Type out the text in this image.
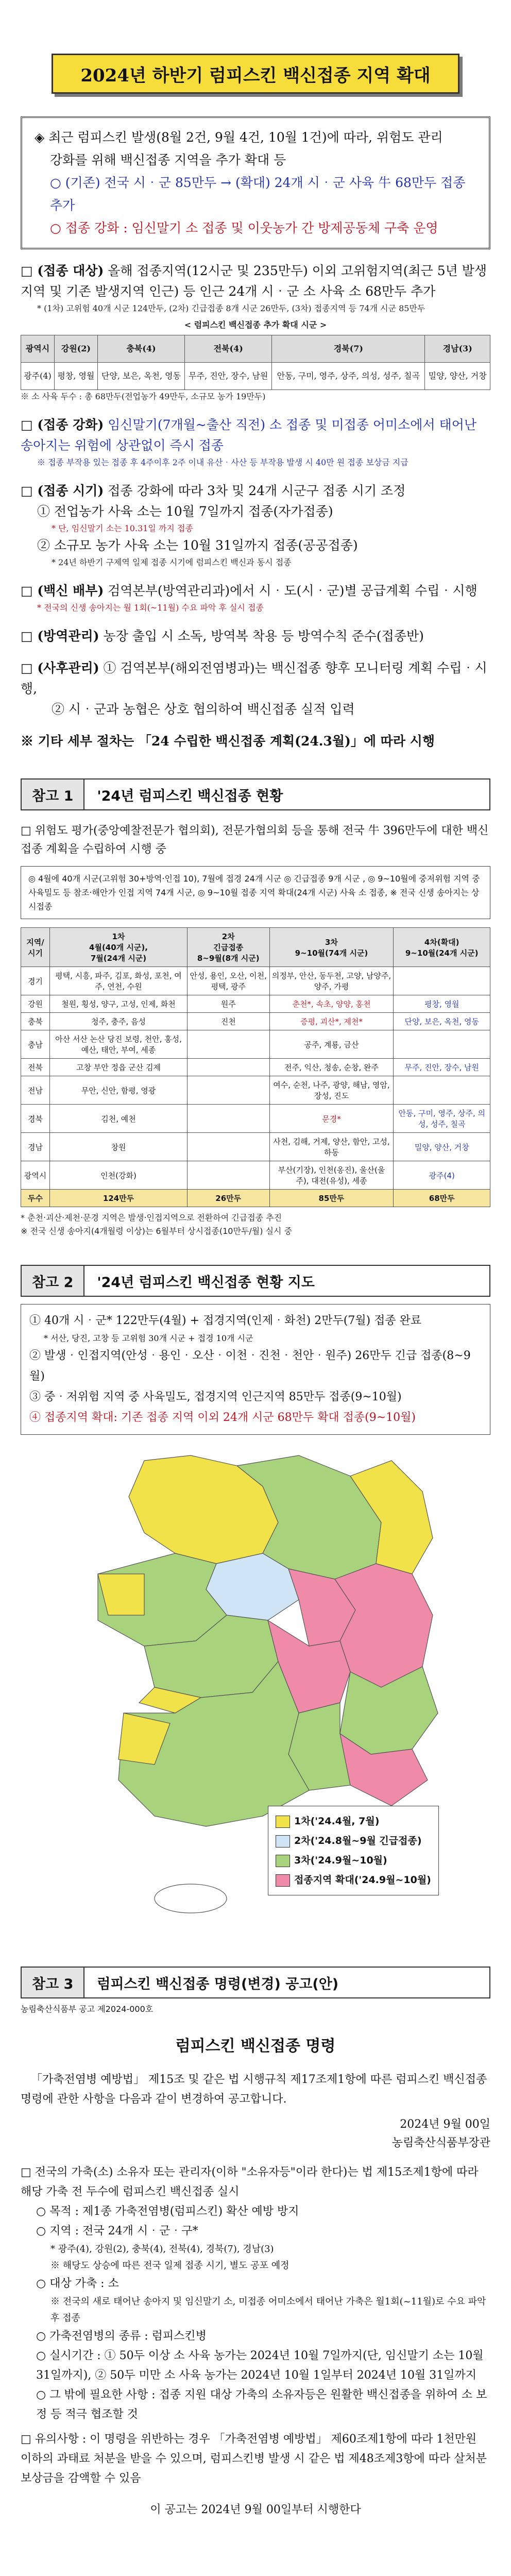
2024년 하반기 럼피스킨 백신접종 지역 확대
◈ 최근 럼피스킨 발생(8월 2건, 9월 4건, 10월 1건)에 따라, 위험도 관리
강화를 위해 백신접종 지역을 추가 확대 등
○ (기존) 전국 시‧군 85만두 → (확대) 24개 시‧군 사육 牛 68만두 접종 추가
○ 접종 강화 : 임신말기 소 접종 및 이웃농가 간 방제공동체 구축 운영
□ (접종 대상) 올해 접종지역(12시군 및 235만두) 이외 고위험지역(최근 5년 발생지역 및 기존 발생지역 인근) 등 인근 24개 시‧군 소 사육 소 68만두 추가
* (1차) 고위험 40개 시군 124만두, (2차) 긴급접종 8개 시군 26만두, (3차) 접종지역 등 74개 시군 85만두
< 럼피스킨 백신접종 추가 확대 시군 >
광역시	강원(2)	충북(4)	전북(4)	경북(7)	경남(3)
광주(4)	평창, 영월	단양, 보은, 옥천, 영동	무주, 진안, 장수, 남원	안동, 구미, 영주, 상주, 의성, 성주, 칠곡	밀양, 양산, 거창
※ 소 사육 두수 : 총 68만두(전업농가 49만두, 소규모 농가 19만두)
□ (접종 강화) 임신말기(7개월~출산 직전) 소 접종 및 미접종 어미소에서 태어난 송아지는 위험에 상관없이 즉시 접종
※ 접종 부작용 있는 접종 후 4주이후 2주 이내 유산‧사산 등 부작용 발생 시 40만 원 접종 보상금 지급
□ (접종 시기) 접종 강화에 따라 3차 및 24개 시군구 접종 시기 조정
① 전업농가 사육 소는 10월 7일까지 접종(자가접종)
* 단, 임신말기 소는 10.31일 까지 접종
② 소규모 농가 사육 소는 10월 31일까지 접종(공공접종)
* 24년 하반기 구제역 일제 접종 시기에 럼피스킨 백신과 동시 접종
□ (백신 배부) 검역본부(방역관리과)에서 시‧도(시‧군)별 공급계획 수립‧시행
* 전국의 신생 송아지는 월 1회(~11월) 수요 파악 후 실시 접종
□ (방역관리) 농장 출입 시 소독, 방역복 착용 등 방역수칙 준수(접종반)
□ (사후관리) ① 검역본부(해외전염병과)는 백신접종 향후 모니터링 계획 수립‧시행,
② 시‧군과 농협은 상호 협의하여 백신접종 실적 입력
※ 기타 세부 절차는 「24 수립한 백신접종 계획(24.3월)」에 따라 시행
참고 1	'24년 럼피스킨 백신접종 현황
□ 위험도 평가(중앙예찰전문가 협의회), 전문가협의회 등을 통해 전국 牛 396만두에 대한 백신접종 계획을 수립하여 시행 중
◎ 4월에 40개 시군(고위험 30+방역‧인접 10), 7월에 접경 24개 시군 ◎ 긴급접종 9개 시군 , ◎ 9~10월에 중저위험 지역 중 사육밀도 등 참조‧해안가 인접 지역 74개 시군, ◎ 9~10월 접종 지역 확대(24개 시군) 사육 소 접종, ※ 전국 신생 송아지는 상시접종
지역/시기	1차
4월(40개 시군),
7월(24개 시군)	2차
긴급접종
8~9월(8개 시군)	3차
9~10월(74개 시군)	4차(확대)
9~10월(24개 시군)
경기	평택, 시흥, 파주, 김포, 화성, 포천, 여주, 연천, 수원	안성, 용인, 오산, 이천, 평택, 광주	의정부, 안산, 동두천, 고양, 남양주, 양주, 가평	
강원	철원, 횡성, 양구, 고성, 인제, 화천	원주	춘천*, 속초, 양양, 홍천	평창, 영월
충북	청주, 충주, 음성	진천	증평, 괴산*, 제천*	단양, 보은, 옥천, 영동
충남	아산 서산 논산 당진 보령, 천안, 홍성, 예산, 태안, 부여, 세종		공주, 계룡, 금산	
전북	고창 부안 정읍 군산 김제		전주, 익산, 청송, 순창, 완주	무주, 진안, 장수, 남원
전남	무안, 신안, 함평, 영광		여수, 순천, 나주, 광양, 해남, 영암, 장성, 진도	
경북	김천, 예천		문경*	안동, 구미, 영주, 상주, 의성, 성주, 칠곡
경남	창원		사천, 김해, 거제, 양산, 함안, 고성, 하동	밀양, 양산, 거창
광역시	인천(강화)		부산(기장), 인천(옹진), 울산(울주), 대전(유성), 세종	광주(4)
두수	124만두	26만두	85만두	68만두
* 춘천‧괴산‧제천‧문경 지역은 발생‧인접지역으로 전환하여 긴급접종 추진
※ 전국 신생 송아지(4개월령 이상)는 6월부터 상시접종(10만두/월) 실시 중
참고 2	'24년 럼피스킨 백신접종 현황 지도
① 40개 시‧군* 122만두(4월) + 접경지역(인제‧화천) 2만두(7월) 접종 완료
* 서산, 당진, 고창 등 고위험 30개 시군 + 접경 10개 시군
② 발생‧인접지역(안성‧용인‧오산‧이천‧진천‧천안‧원주) 26만두 긴급 접종(8~9월)
③ 중‧저위험 지역 중 사육밀도, 접경지역 인근지역 85만두 접종(9~10월)
④ 접종지역 확대: 기존 접종 지역 이외 24개 시군 68만두 확대 접종(9~10월)
1차('24.4월, 7월)
2차('24.8월~9월 긴급접종)
3차('24.9월~10월)
접종지역 확대('24.9월~10월)
참고 3	럼피스킨 백신접종 명령(변경) 공고(안)
농림축산식품부 공고 제2024-000호
럼피스킨 백신접종 명령
「가축전염병 예방법」 제15조 및 같은 법 시행규칙 제17조제1항에 따른 럼피스킨 백신접종 명령에 관한 사항을 다음과 같이 변경하여 공고합니다.
2024년 9월 00일
농림축산식품부장관
□ 전국의 가축(소) 소유자 또는 관리자(이하 "소유자등"이라 한다)는 법 제15조제1항에 따라 해당 가축 전 두수에 럼피스킨 백신접종 실시
○ 목적 : 제1종 가축전염병(럼피스킨) 확산 예방 방지
○ 지역 : 전국 24개 시‧군‧구*
* 광주(4), 강원(2), 충북(4), 전북(4), 경북(7), 경남(3)
※ 해당도 상승에 따른 전국 일제 접종 시기, 별도 공포 예정
○ 대상 가축 : 소
※ 전국의 새로 태어난 송아지 및 임신말기 소, 미접종 어미소에서 태어난 가축은 월1회(~11월)로 수요 파악 후 접종
○ 가축전염병의 종류 : 럼피스킨병
○ 실시기간 : ① 50두 이상 소 사육 농가는 2024년 10월 7일까지(단, 임신말기 소는 10월 31일까지), ② 50두 미만 소 사육 농가는 2024년 10월 1일부터 2024년 10월 31일까지
○ 그 밖에 필요한 사항 : 접종 지원 대상 가축의 소유자등은 원활한 백신접종을 위하여 소 보정 등 적극 협조할 것
□ 유의사항 : 이 명령을 위반하는 경우 「가축전염병 예방법」 제60조제1항에 따라 1천만원 이하의 과태료 처분을 받을 수 있으며, 럼피스킨병 발생 시 같은 법 제48조제3항에 따라 살처분 보상금을 감액할 수 있음
이 공고는 2024년 9월 00일부터 시행한다
